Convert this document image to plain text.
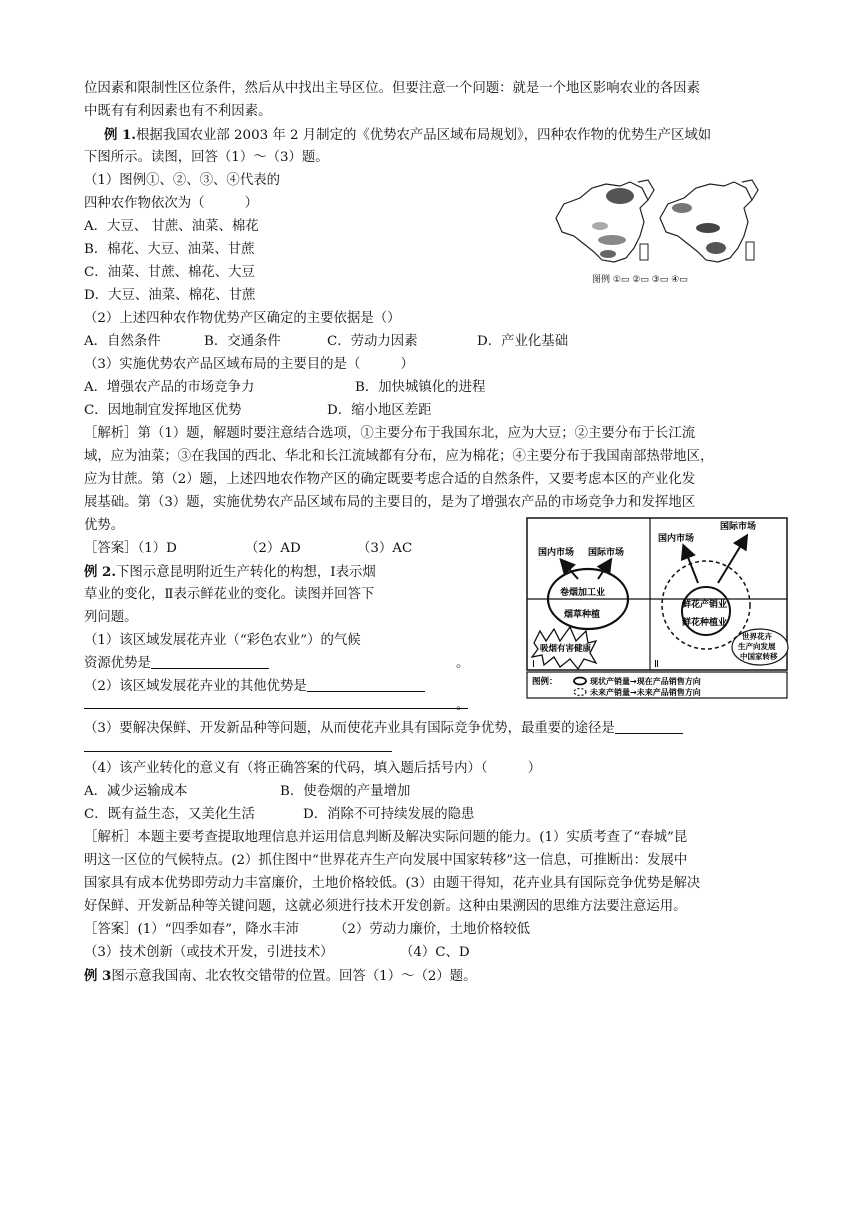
位因素和限制性区位条件，然后从中找出主导区位。但要注意一个问题：就是一个地区影响农业的各因素
中既有有利因素也有不利因素。
例 1.根据我国农业部 2003 年 2 月制定的《优势农产品区域布局规划》，四种农作物的优势生产区域如
下图所示。读图，回答（1）～（3）题。
（1）图例①、②、③、④代表的
四种农作物依次为（　　　）
A．大豆、 甘蔗、油菜、棉花
B．棉花、大豆、油菜、甘蔗
C．油菜、甘蔗、棉花、大豆
D．大豆、油菜、棉花、甘蔗
（2）上述四种农作物优势产区确定的主要依据是（）
A．自然条件	B．交通条件	C．劳动力因素	D．产业化基础
（3）实施优势农产品区域布局的主要目的是（　　　）
A．增强农产品的市场竞争力	B．加快城镇化的进程
C．因地制宜发挥地区优势	D．缩小地区差距
［解析］第（1）题，解题时要注意结合选项，①主要分布于我国东北，应为大豆；②主要分布于长江流
域，应为油菜；③在我国的西北、华北和长江流域都有分布，应为棉花；④主要分布于我国南部热带地区，
应为甘蔗。第（2）题，上述四地农作物产区的确定既要考虑合适的自然条件，又要考虑本区的产业化发
展基础。第（3）题，实施优势农产品区域布局的主要目的，是为了增强农产品的市场竞争力和发挥地区
优势。
［答案］（1）D	（2）AD	（3）AC
图例 ①▭ ②▭ ③▭ ④▭
例 2.下图示意昆明附近生产转化的构想，Ⅰ表示烟
草业的变化，Ⅱ表示鲜花业的变化。读图并回答下
列问题。
（1）该区域发展花卉业（“彩色农业”）的气候
资源优势是	。
（2）该区域发展花卉业的其他优势是
。
（3）要解决保鲜、开发新品种等问题，从而使花卉业具有国际竞争优势，最重要的途径是
（4）该产业转化的意义有（将正确答案的代码，填入题后括号内）（　　　）
A．减少运输成本	B．使卷烟的产量增加
C．既有益生态，又美化生活	D．消除不可持续发展的隐患
［解析］本题主要考查提取地理信息并运用信息判断及解决实际问题的能力。(1）实质考查了“春城”昆
明这一区位的气候特点。(2）抓住图中“世界花卉生产向发展中国家转移”这一信息，可推断出：发展中
国家具有成本优势即劳动力丰富廉价，土地价格较低。(3）由题干得知，花卉业具有国际竞争优势是解决
好保鲜、开发新品种等关键问题，这就必须进行技术开发创新。这种由果溯因的思维方法要注意运用。
［答案］(1）“四季如春”，降水丰沛	（2）劳动力廉价，土地价格较低
（3）技术创新（或技术开发，引进技术）	（4）C、D
国内市场 国际市场
卷烟加工业
烟草种植
吸烟有害健康
Ⅰ
国内市场
国际市场
鲜花产销业
鲜花种植业
世界花卉
生产向发展
中国家转移
Ⅱ
图例：	现状产销量→现在产品销售方向
未来产销量→未来产品销售方向
例 3图示意我国南、北农牧交错带的位置。回答（1）～（2）题。
